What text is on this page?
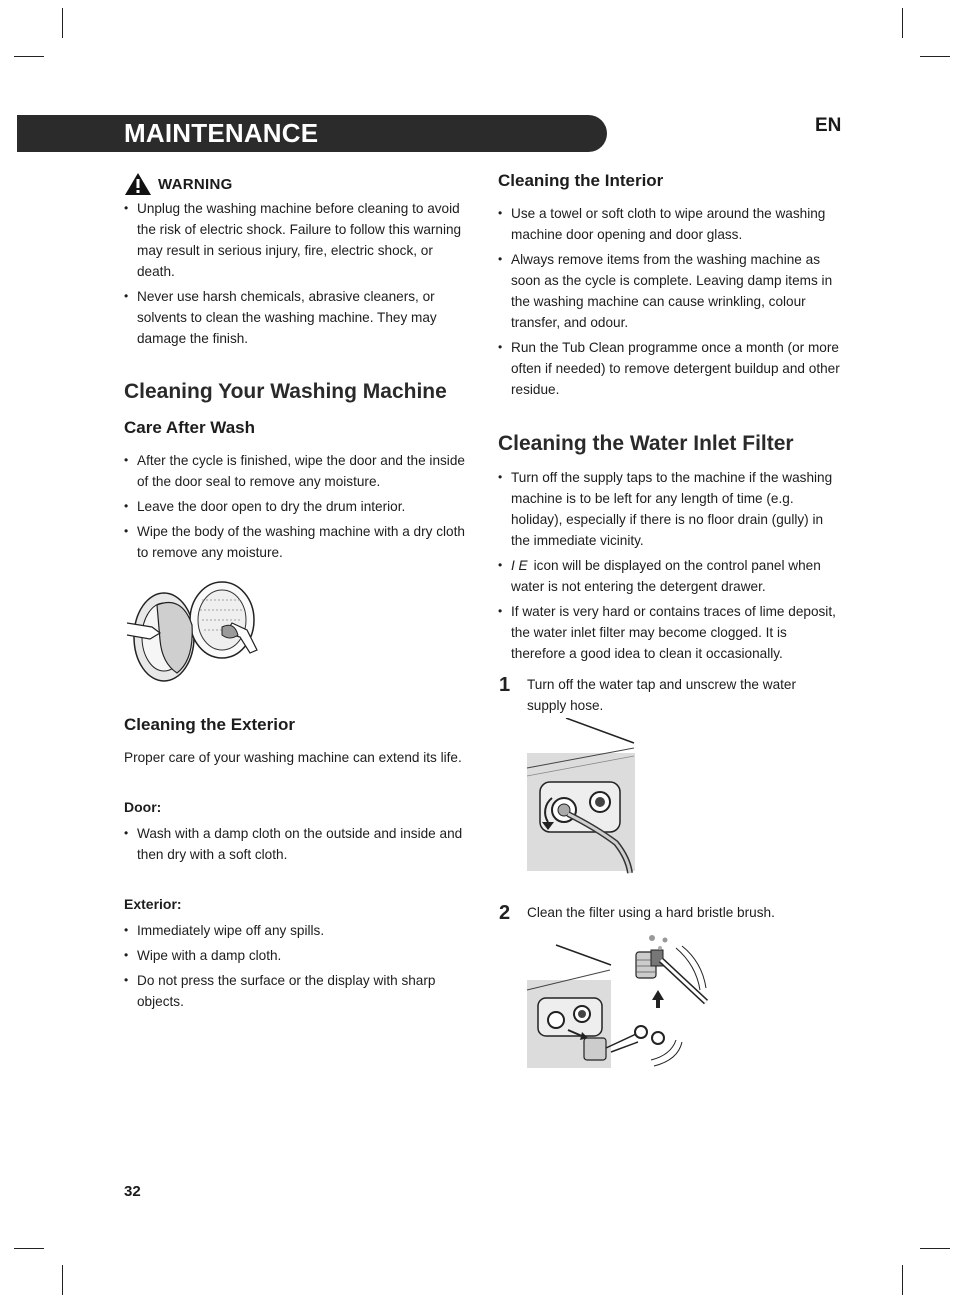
MAINTENANCE	EN
WARNING
• Unplug the washing machine before cleaning to avoid the risk of electric shock. Failure to follow this warning may result in serious injury, fire, electric shock, or death.
• Never use harsh chemicals, abrasive cleaners, or solvents to clean the washing machine. They may damage the finish.
Cleaning Your Washing Machine
Care After Wash
• After the cycle is finished, wipe the door and the inside of the door seal to remove any moisture.
• Leave the door open to dry the drum interior.
• Wipe the body of the washing machine with a dry cloth to remove any moisture.
Cleaning the Exterior
Proper care of your washing machine can extend its life.
Door:
• Wash with a damp cloth on the outside and inside and then dry with a soft cloth.
Exterior:
• Immediately wipe off any spills.
• Wipe with a damp cloth.
• Do not press the surface or the display with sharp objects.
Cleaning the Interior
• Use a towel or soft cloth to wipe around the washing machine door opening and door glass.
• Always remove items from the washing machine as soon as the cycle is complete. Leaving damp items in the washing machine can cause wrinkling, colour transfer, and odour.
• Run the Tub Clean programme once a month (or more often if needed) to remove detergent buildup and other residue.
Cleaning the Water Inlet Filter
• Turn off the supply taps to the machine if the washing machine is to be left for any length of time (e.g. holiday), especially if there is no floor drain (gully) in the immediate vicinity.
• I E icon will be displayed on the control panel when water is not entering the detergent drawer.
• If water is very hard or contains traces of lime deposit, the water inlet filter may become clogged. It is therefore a good idea to clean it occasionally.
1 Turn off the water tap and unscrew the water supply hose.
2 Clean the filter using a hard bristle brush.
32
